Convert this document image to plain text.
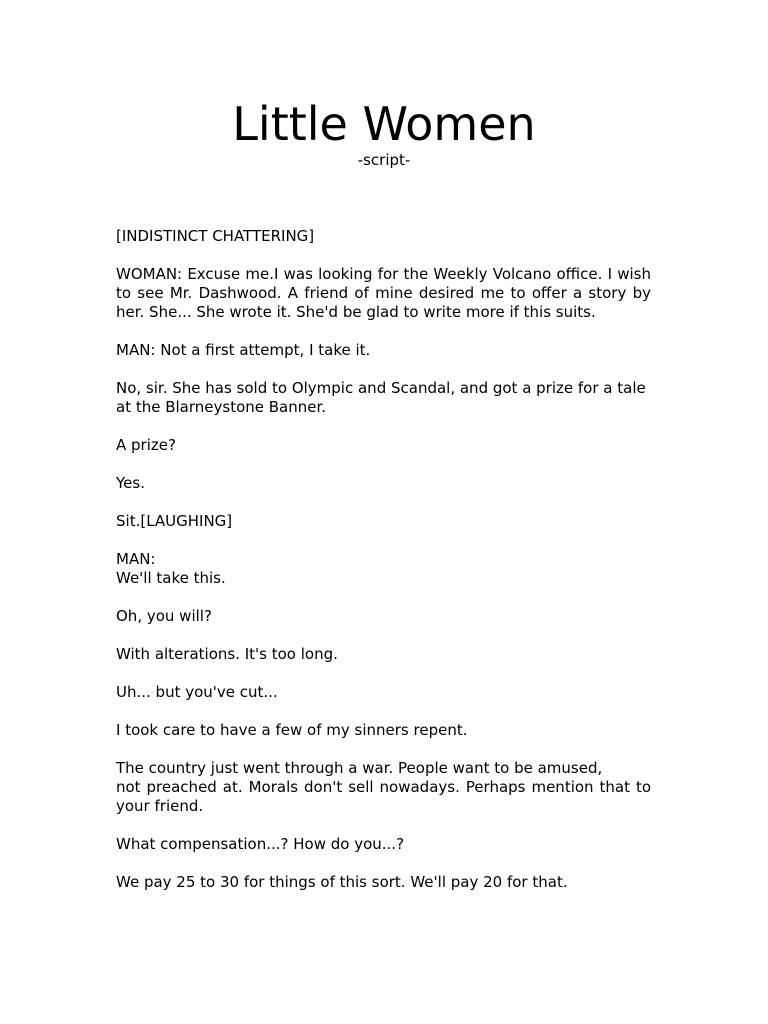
Little Women

-script-

[INDISTINCT CHATTERING]

WOMAN: Excuse me.I was looking for the Weekly Volcano office. I wish to see Mr. Dashwood. A friend of mine desired me to offer a story by her. She... She wrote it. She'd be glad to write more if this suits.

MAN: Not a first attempt, I take it.

No, sir. She has sold to Olympic and Scandal, and got a prize for a tale
at the Blarneystone Banner.

A prize?

Yes.

Sit.[LAUGHING]

MAN:
We'll take this.

Oh, you will?

With alterations. It's too long.

Uh... but you've cut...

I took care to have a few of my sinners repent.

The country just went through a war. People want to be amused,
not preached at. Morals don't sell nowadays. Perhaps mention that to your friend.

What compensation...? How do you...?

We pay 25 to 30 for things of this sort. We'll pay 20 for that.
